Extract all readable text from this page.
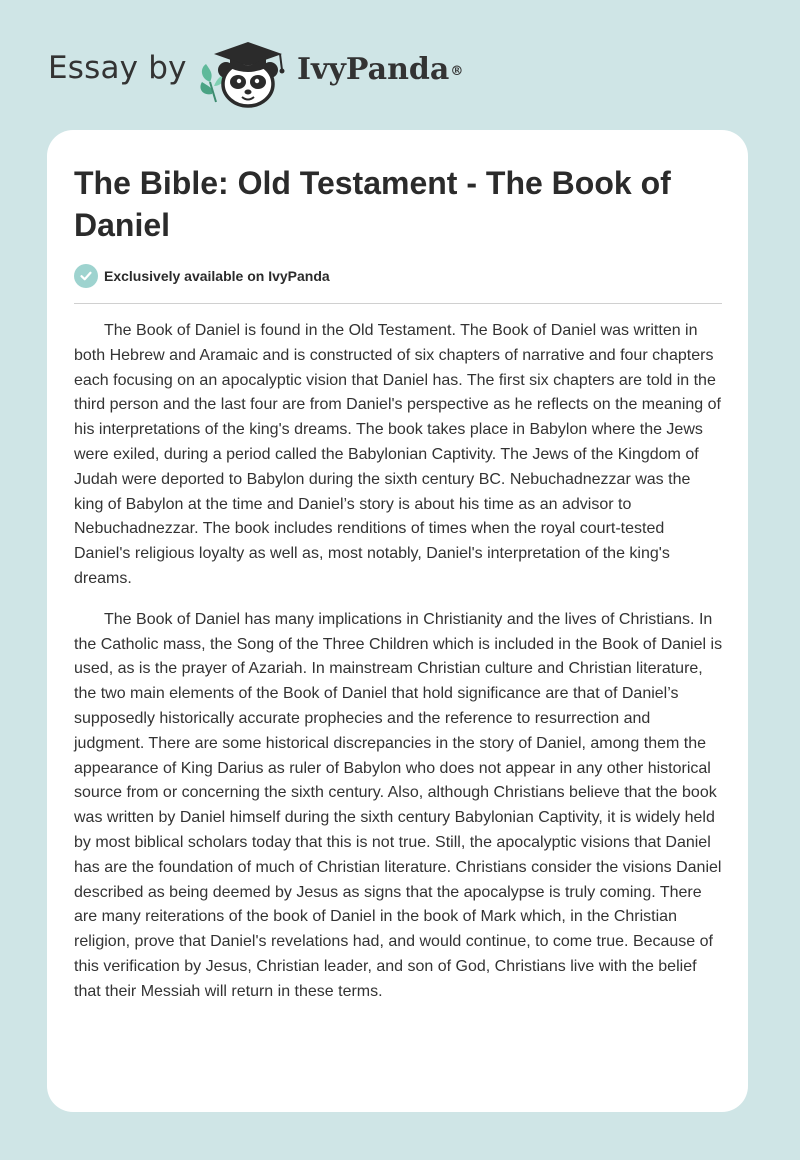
Essay by	IvyPanda®
The Bible: Old Testament - The Book of Daniel
Exclusively available on IvyPanda

The Book of Daniel is found in the Old Testament. The Book of Daniel was written in both Hebrew and Aramaic and is constructed of six chapters of narrative and four chapters each focusing on an apocalyptic vision that Daniel has. The first six chapters are told in the third person and the last four are from Daniel's perspective as he reflects on the meaning of his interpretations of the king's dreams. The book takes place in Babylon where the Jews were exiled, during a period called the Babylonian Captivity. The Jews of the Kingdom of Judah were deported to Babylon during the sixth century BC. Nebuchadnezzar was the king of Babylon at the time and Daniel’s story is about his time as an advisor to Nebuchadnezzar. The book includes renditions of times when the royal court-tested Daniel's religious loyalty as well as, most notably, Daniel's interpretation of the king's dreams.

The Book of Daniel has many implications in Christianity and the lives of Christians. In the Catholic mass, the Song of the Three Children which is included in the Book of Daniel is used, as is the prayer of Azariah. In mainstream Christian culture and Christian literature, the two main elements of the Book of Daniel that hold significance are that of Daniel’s supposedly historically accurate prophecies and the reference to resurrection and judgment. There are some historical discrepancies in the story of Daniel, among them the appearance of King Darius as ruler of Babylon who does not appear in any other historical source from or concerning the sixth century. Also, although Christians believe that the book was written by Daniel himself during the sixth century Babylonian Captivity, it is widely held by most biblical scholars today that this is not true. Still, the apocalyptic visions that Daniel has are the foundation of much of Christian literature. Christians consider the visions Daniel described as being deemed by Jesus as signs that the apocalypse is truly coming. There are many reiterations of the book of Daniel in the book of Mark which, in the Christian religion, prove that Daniel's revelations had, and would continue, to come true. Because of this verification by Jesus, Christian leader, and son of God, Christians live with the belief that their Messiah will return in these terms.
